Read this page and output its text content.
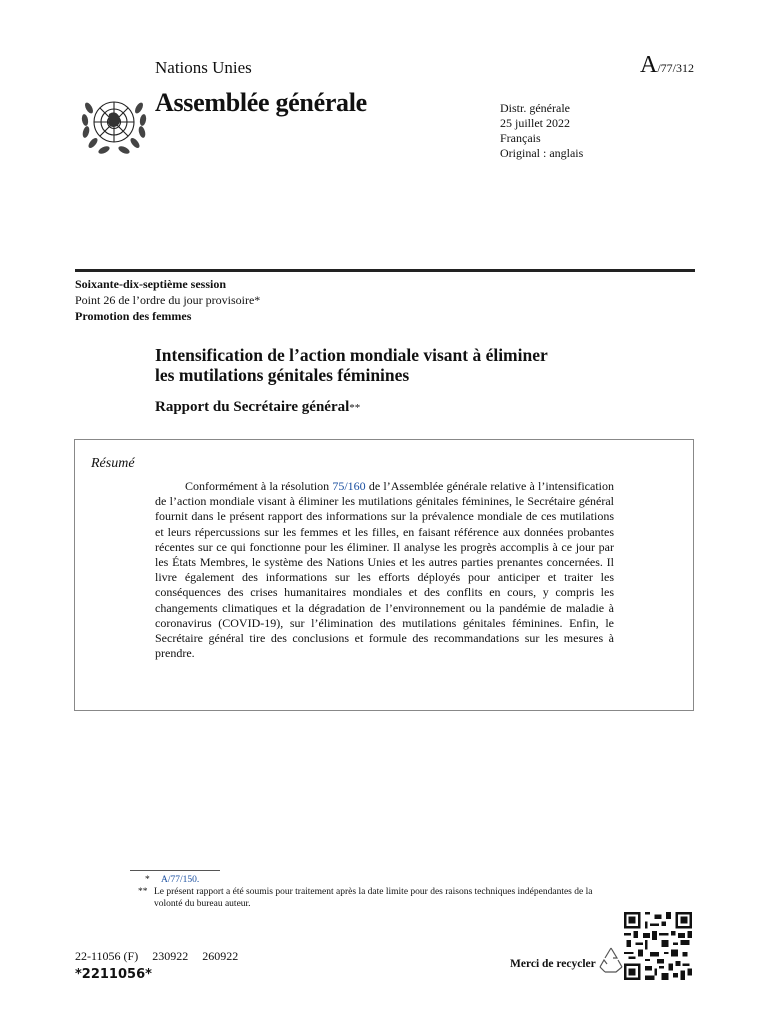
Nations Unies	A/77/312
Assemblée générale	Distr. générale
25 juillet 2022
Français
Original : anglais
Soixante-dix-septième session
Point 26 de l’ordre du jour provisoire*
Promotion des femmes
Intensification de l’action mondiale visant à éliminer
les mutilations génitales féminines
Rapport du Secrétaire général**
Résumé
Conformément à la résolution 75/160 de l’Assemblée générale relative à l’intensification de l’action mondiale visant à éliminer les mutilations génitales féminines, le Secrétaire général fournit dans le présent rapport des informations sur la prévalence mondiale de ces mutilations et leurs répercussions sur les femmes et les filles, en faisant référence aux données probantes récentes sur ce qui fonctionne pour les éliminer. Il analyse les progrès accomplis à ce jour par les États Membres, le système des Nations Unies et les autres parties prenantes concernées. Il livre également des informations sur les efforts déployés pour anticiper et traiter les conséquences des crises humanitaires mondiales et des conflits en cours, y compris les changements climatiques et la dégradation de l’environnement ou la pandémie de maladie à coronavirus (COVID-19), sur l’élimination des mutilations génitales féminines. Enfin, le Secrétaire général tire des conclusions et formule des recommandations sur les mesures à prendre.
* A/77/150.
** Le présent rapport a été soumis pour traitement après la date limite pour des raisons techniques indépendantes de la volonté du bureau auteur.
22-11056 (F) 230922 260922
*2211056*
Merci de recycler
